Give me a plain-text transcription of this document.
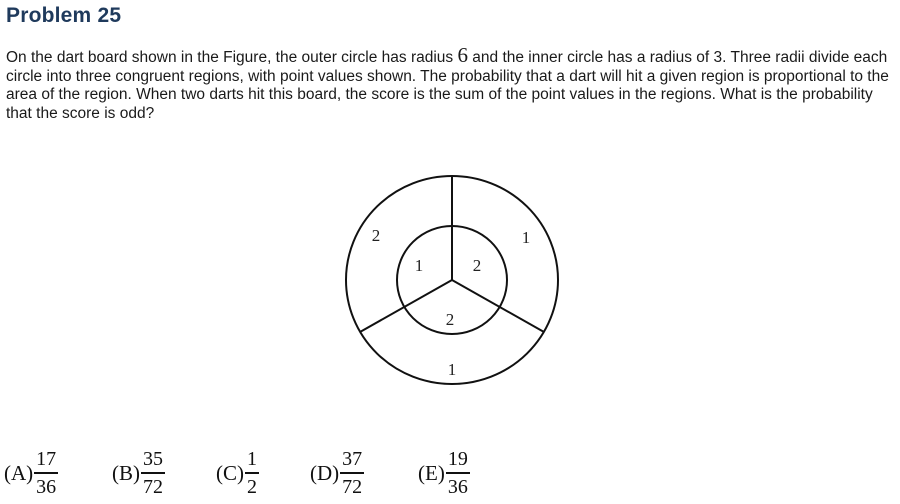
Problem 25
On the dart board shown in the Figure, the outer circle has radius 6 and the inner circle has a radius of 3. Three radii divide each circle into three congruent regions, with point values shown. The probability that a dart will hit a given region is proportional to the area of the region. When two darts hit this board, the score is the sum of the point values in the regions. What is the probability that the score is odd?
2	1
1
1	2
2
$(A) \frac{17}{36}$	$(B) \frac{35}{72} (C) \frac{1}{2} (D) \frac{37}{72}$	$(E) \frac{19}{36}$
